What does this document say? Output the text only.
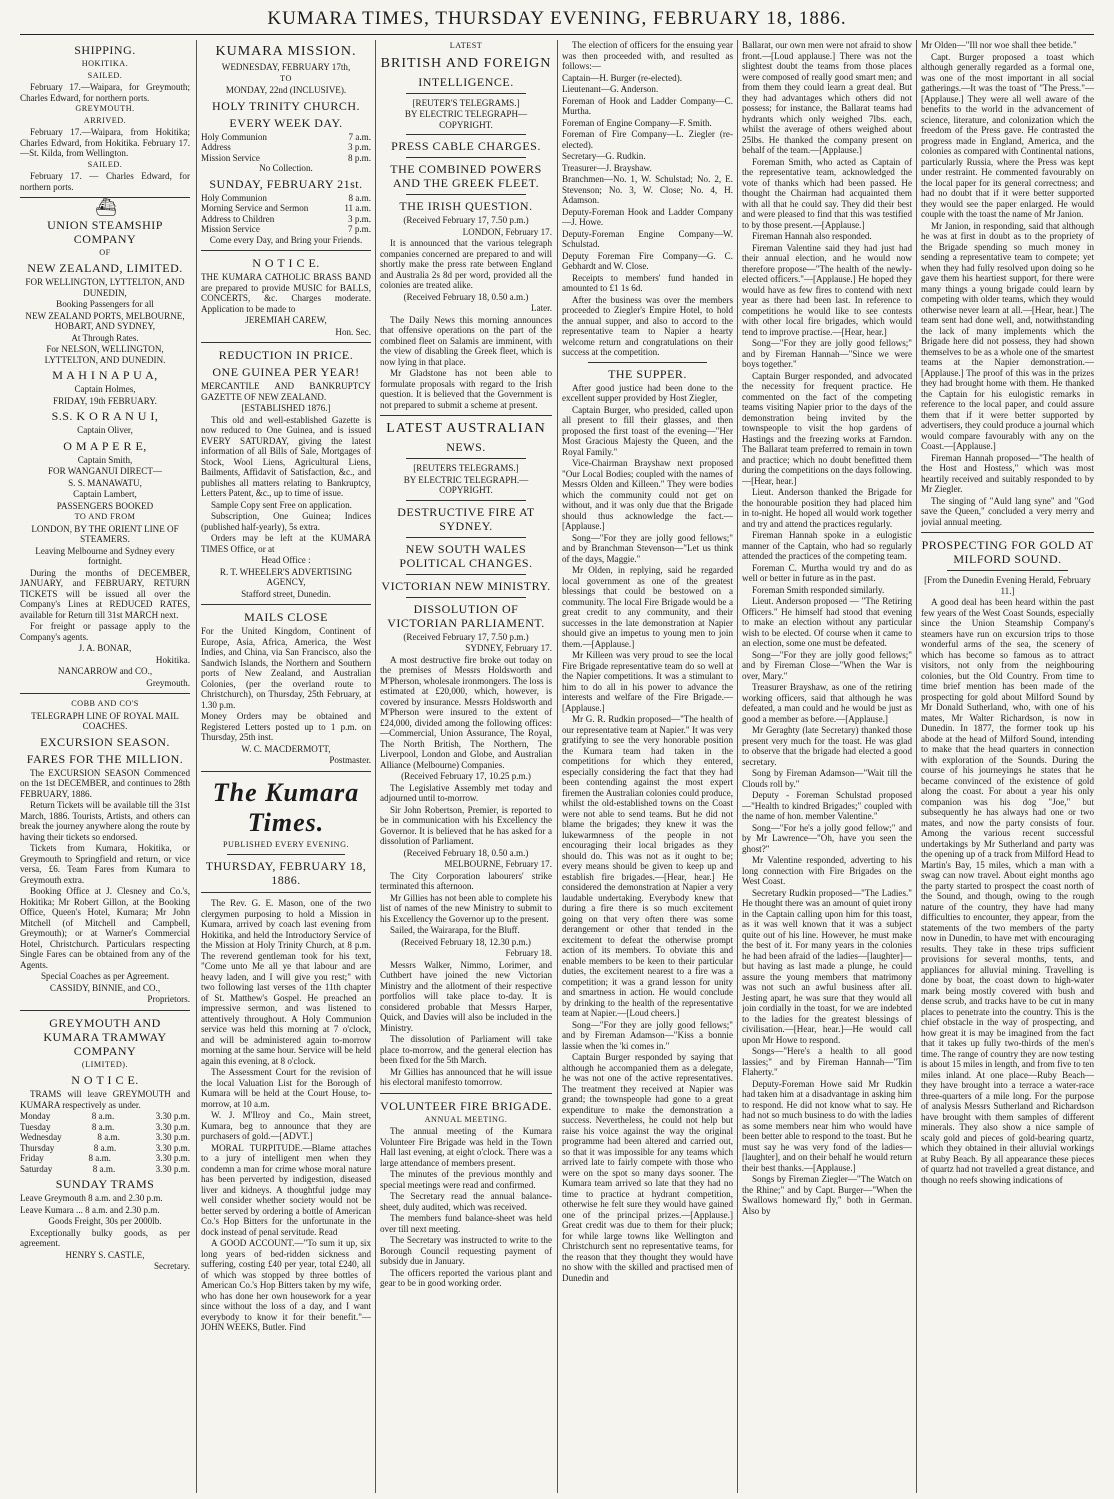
KUMARA TIMES, THURSDAY EVENING, FEBRUARY 18, 1886.
SHIPPING.
HOKITIKA.
SAILED.

February 17.—Waipara, for Greymouth; Charles Edward, for northern ports.

GREYMOUTH.
ARRIVED.

February 17.—Waipara, from Hokitika; Charles Edward, from Hokitika. February 17.—St. Kilda, from Wellington.

SAILED.

February 17. — Charles Edward, for northern ports.

⛴
UNION STEAMSHIP COMPANY
OF
NEW ZEALAND, LIMITED.

FOR WELLINGTON, LYTTELTON, AND DUNEDIN,

Booking Passengers for all

NEW ZEALAND PORTS, MELBOURNE, HOBART, AND SYDNEY,

At Through Rates.

For NELSON, WELLINGTON, LYTTELTON, AND DUNEDIN.

M A H I N A P U A,

Captain Holmes,

FRIDAY, 19th FEBRUARY.

S.S. K O R A N U I,

Captain Oliver,

O M A P E R E,

Captain Smith,

FOR WANGANUI DIRECT—

S. S. MANAWATU,

Captain Lambert,

PASSENGERS BOOKED

TO AND FROM

LONDON, BY THE ORIENT LINE OF STEAMERS.

Leaving Melbourne and Sydney every fortnight.

During the months of DECEMBER, JANUARY, and FEBRUARY, RETURN TICKETS will be issued all over the Company's Lines at REDUCED RATES, available for Return till 31st MARCH next.

For freight or passage apply to the Company's agents.

J. A. BONAR,

Hokitika.

NANCARROW and CO.,

Greymouth.

COBB AND CO'S

TELEGRAPH LINE OF ROYAL MAIL COACHES.

EXCURSION SEASON.
FARES FOR THE MILLION.

The EXCURSION SEASON Commenced on the 1st DECEMBER, and continues to 28th FEBRUARY, 1886.

Return Tickets will be available till the 31st March, 1886. Tourists, Artists, and others can break the journey anywhere along the route by having their tickets so endorsed.

Tickets from Kumara, Hokitika, or Greymouth to Springfield and return, or vice versa, £6. Team Fares from Kumara to Greymouth extra.

Booking Office at J. Clesney and Co.'s, Hokitika; Mr Robert Gillon, at the Booking Office, Queen's Hotel, Kumara; Mr John Mitchell (of Mitchell and Campbell, Greymouth); or at Warner's Commercial Hotel, Christchurch. Particulars respecting Single Fares can be obtained from any of the Agents.

Special Coaches as per Agreement.

CASSIDY, BINNIE, and CO.,

Proprietors.

GREYMOUTH AND KUMARA TRAMWAY COMPANY
(LIMITED).
N O T I C E.

TRAMS will leave GREYMOUTH and KUMARA respectively as under.

Monday	8 a.m.	3.30 p.m.
Tuesday	8 a.m.	3.30 p.m.
Wednesday	8 a.m.	3.30 p.m.
Thursday	8 a.m.	3.30 p.m.
Friday	8 a.m.	3.30 p.m.
Saturday	8 a.m.	3.30 p.m.
SUNDAY TRAMS

Leave Greymouth 8 a.m. and 2.30 p.m.

Leave Kumara ... 8 a.m. and 2.30 p.m.

Goods Freight, 30s per 2000lb.

Exceptionally bulky goods, as per agreement.

HENRY S. CASTLE,

Secretary.

KUMARA MISSION.

WEDNESDAY, FEBRUARY 17th,

TO

MONDAY, 22nd (INCLUSIVE).

HOLY TRINITY CHURCH.
EVERY WEEK DAY.
Holy Communion	7 a.m.
Address	3 p.m.
Mission Service	8 p.m.

No Collection.

SUNDAY, FEBRUARY 21st.
Holy Communion	8 a.m.
Morning Service and Sermon	11 a.m.
Address to Children	3 p.m.
Mission Service	7 p.m.

Come every Day, and Bring your Friends.

N O T I C E.

THE KUMARA CATHOLIC BRASS BAND are prepared to provide MUSIC for BALLS, CONCERTS, &c. Charges moderate. Application to be made to

JEREMIAH CAREW,

Hon. Sec.

REDUCTION IN PRICE.
ONE GUINEA PER YEAR!

MERCANTILE AND BANKRUPTCY GAZETTE OF NEW ZEALAND.

[ESTABLISHED 1876.]

This old and well-established Gazette is now reduced to One Guinea, and is issued EVERY SATURDAY, giving the latest information of all Bills of Sale, Mortgages of Stock, Wool Liens, Agricultural Liens, Bailments, Affidavit of Satisfaction, &c., and publishes all matters relating to Bankruptcy, Letters Patent, &c., up to time of issue.

Sample Copy sent Free on application.

Subscription, One Guinea; Indices (published half-yearly), 5s extra.

Orders may be left at the KUMARA TIMES Office, or at

Head Office :

R. T. WHEELER'S ADVERTISING AGENCY,

Stafford street, Dunedin.

MAILS CLOSE

For the United Kingdom, Continent of Europe, Asia, Africa, America, the West Indies, and China, via San Francisco, also the Sandwich Islands, the Northern and Southern ports of New Zealand, and Australian Colonies, (per the overland route to Christchurch), on Thursday, 25th February, at 1.30 p.m.

Money Orders may be obtained and Registered Letters posted up to 1 p.m. on Thursday, 25th inst.

W. C. MACDERMOTT,

Postmaster.

The Kumara Times.
PUBLISHED EVERY EVENING.
THURSDAY, FEBRUARY 18, 1886.

The Rev. G. E. Mason, one of the two clergymen purposing to hold a Mission in Kumara, arrived by coach last evening from Hokitika, and held the Introductory Service of the Mission at Holy Trinity Church, at 8 p.m. The reverend gentleman took for his text, "Come unto Me all ye that labour and are heavy laden, and I will give you rest;" with two following last verses of the 11th chapter of St. Matthew's Gospel. He preached an impressive sermon, and was listened to attentively throughout. A Holy Communion service was held this morning at 7 o'clock, and will be administered again to-morrow morning at the same hour. Service will be held again this evening, at 8 o'clock.

The Assessment Court for the revision of the local Valuation List for the Borough of Kumara will be held at the Court House, to-morrow, at 10 a.m.

W. J. M'Ilroy and Co., Main street, Kumara, beg to announce that they are purchasers of gold.—[ADVT.]

MORAL TURPITUDE.—Blame attaches to a jury of intelligent men when they condemn a man for crime whose moral nature has been perverted by indigestion, diseased liver and kidneys. A thoughtful judge may well consider whether society would not be better served by ordering a bottle of American Co.'s Hop Bitters for the unfortunate in the dock instead of penal servitude. Read

A GOOD ACCOUNT.—"To sum it up, six long years of bed-ridden sickness and suffering, costing £40 per year, total £240, all of which was stopped by three bottles of American Co.'s Hop Bitters taken by my wife, who has done her own housework for a year since without the loss of a day, and I want everybody to know it for their benefit."—JOHN WEEKS, Butler. Find

LATEST
BRITISH AND FOREIGN
INTELLIGENCE.

[REUTER'S TELEGRAMS.]

BY ELECTRIC TELEGRAPH—COPYRIGHT.

PRESS CABLE CHARGES.
THE COMBINED POWERS AND THE GREEK FLEET.
THE IRISH QUESTION.

(Received February 17, 7.50 p.m.)

LONDON, February 17.

It is announced that the various telegraph companies concerned are prepared to and will shortly make the press rate between England and Australia 2s 8d per word, provided all the colonies are treated alike.

(Received February 18, 0.50 a.m.)

Later.

The Daily News this morning announces that offensive operations on the part of the combined fleet on Salamis are imminent, with the view of disabling the Greek fleet, which is now lying in that place.

Mr Gladstone has not been able to formulate proposals with regard to the Irish question. It is believed that the Government is not prepared to submit a scheme at present.

LATEST AUSTRALIAN
NEWS.

[REUTERS TELEGRAMS.]

BY ELECTRIC TELEGRAPH.—COPYRIGHT.

DESTRUCTIVE FIRE AT SYDNEY.
NEW SOUTH WALES POLITICAL CHANGES.
VICTORIAN NEW MINISTRY.
DISSOLUTION OF VICTORIAN PARLIAMENT.

(Received February 17, 7.50 p.m.)

SYDNEY, February 17.

A most destructive fire broke out today on the premises of Messrs Holdsworth and M'Pherson, wholesale ironmongers. The loss is estimated at £20,000, which, however, is covered by insurance. Messrs Holdsworth and M'Pherson were insured to the extent of £24,000, divided among the following offices:—Commercial, Union Assurance, The Royal, The North British, The Northern, The Liverpool, London and Globe, and Australian Alliance (Melbourne) Companies.

(Received February 17, 10.25 p.m.)

The Legislative Assembly met today and adjourned until to-morrow.

Sir John Robertson, Premier, is reported to be in communication with his Excellency the Governor. It is believed that he has asked for a dissolution of Parliament.

(Received February 18, 0.50 a.m.)

MELBOURNE, February 17.

The City Corporation labourers' strike terminated this afternoon.

Mr Gillies has not been able to complete his list of names of the new Ministry to submit to his Excellency the Governor up to the present.

Sailed, the Wairarapa, for the Bluff.

(Received February 18, 12.30 p.m.)

February 18.

Messrs Walker, Nimmo, Lorimer, and Cuthbert have joined the new Victorian Ministry and the allotment of their respective portfolios will take place to-day. It is considered probable that Messrs Harper, Quick, and Davies will also be included in the Ministry.

The dissolution of Parliament will take place to-morrow, and the general election has been fixed for the 5th March.

Mr Gillies has announced that he will issue his electoral manifesto tomorrow.

VOLUNTEER FIRE BRIGADE.
ANNUAL MEETING.

The annual meeting of the Kumara Volunteer Fire Brigade was held in the Town Hall last evening, at eight o'clock. There was a large attendance of members present.

The minutes of the previous monthly and special meetings were read and confirmed.

The Secretary read the annual balance-sheet, duly audited, which was received.

The members fund balance-sheet was held over till next meeting.

The Secretary was instructed to write to the Borough Council requesting payment of subsidy due in January.

The officers reported the various plant and gear to be in good working order.

The election of officers for the ensuing year was then proceeded with, and resulted as follows:—

Captain—H. Burger (re-elected).

Lieutenant—G. Anderson.

Foreman of Hook and Ladder Company—C. Murtha.

Foreman of Engine Company—F. Smith.

Foreman of Fire Company—L. Ziegler (re-elected).

Secretary—G. Rudkin.

Treasurer—J. Brayshaw.

Branchmen—No. 1, W. Schulstad; No. 2, E. Stevenson; No. 3, W. Close; No. 4, H. Adamson.

Deputy-Foreman Hook and Ladder Company—J. Howe.

Deputy-Foreman Engine Company—W. Schulstad.

Deputy Foreman Fire Company—G. C. Gebhardt and W. Close.

Receipts to members' fund handed in amounted to £1 1s 6d.

After the business was over the members proceeded to Ziegler's Empire Hotel, to hold the annual supper, and also to accord to the representative team to Napier a hearty welcome return and congratulations on their success at the competition.

THE SUPPER.

After good justice had been done to the excellent supper provided by Host Ziegler,

Captain Burger, who presided, called upon all present to fill their glasses, and then proposed the first toast of the evening—"Her Most Gracious Majesty the Queen, and the Royal Family."

Vice-Chairman Brayshaw next proposed "Our Local Bodies; coupled with the names of Messrs Olden and Killeen." They were bodies which the community could not get on without, and it was only due that the Brigade should thus acknowledge the fact.—[Applause.]

Song—"For they are jolly good fellows;" and by Branchman Stevenson—"Let us think of the days, Maggie."

Mr Olden, in replying, said he regarded local government as one of the greatest blessings that could be bestowed on a community. The local Fire Brigade would be a great credit to any community, and their successes in the late demonstration at Napier should give an impetus to young men to join them.—[Applause.]

Mr Killeen was very proud to see the local Fire Brigade representative team do so well at the Napier competitions. It was a stimulant to him to do all in his power to advance the interests and welfare of the Fire Brigade.—[Applause.]

Mr G. R. Rudkin proposed—"The health of our representative team at Napier." It was very gratifying to see the very honorable position the Kumara team had taken in the competitions for which they entered, especially considering the fact that they had been contending against the most expert firemen the Australian colonies could produce, whilst the old-established towns on the Coast were not able to send teams. But he did not blame the brigades; they knew it was the lukewarmness of the people in not encouraging their local brigades as they should do. This was not as it ought to be; every means should be given to keep up and establish fire brigades.—[Hear, hear.] He considered the demonstration at Napier a very laudable undertaking. Everybody knew that during a fire there is so much excitement going on that very often there was some derangement or other that tended in the excitement to defeat the otherwise prompt action of its members. To obviate this and enable members to be keen to their particular duties, the excitement nearest to a fire was a competition; it was a grand lesson for unity and smartness in action. He would conclude by drinking to the health of the representative team at Napier.—[Loud cheers.]

Song—"For they are jolly good fellows;" and by Fireman Adamson—"Kiss a bonnie lassie when the 'ki comes in."

Captain Burger responded by saying that although he accompanied them as a delegate, he was not one of the active representatives. The treatment they received at Napier was grand; the townspeople had gone to a great expenditure to make the demonstration a success. Nevertheless, he could not help but raise his voice against the way the original programme had been altered and carried out, so that it was impossible for any teams which arrived late to fairly compete with those who were on the spot so many days sooner. The Kumara team arrived so late that they had no time to practice at hydrant competition, otherwise he felt sure they would have gained one of the principal prizes.—[Applause.] Great credit was due to them for their pluck; for while large towns like Wellington and Christchurch sent no representative teams, for the reason that they thought they would have no show with the skilled and practised men of Dunedin and

Ballarat, our own men were not afraid to show front.—[Loud applause.] There was not the slightest doubt the teams from those places were composed of really good smart men; and from them they could learn a great deal. But they had advantages which others did not possess; for instance, the Ballarat teams had hydrants which only weighed 7lbs. each, whilst the average of others weighed about 25lbs. He thanked the company present on behalf of the team.—[Applause.]

Foreman Smith, who acted as Captain of the representative team, acknowledged the vote of thanks which had been passed. He thought the Chairman had acquainted them with all that he could say. They did their best and were pleased to find that this was testified to by those present.—[Applause.]

Fireman Hannah also responded.

Fireman Valentine said they had just had their annual election, and he would now therefore propose—"The health of the newly-elected officers."—[Applause.] He hoped they would have as few fires to contend with next year as there had been last. In reference to competitions he would like to see contests with other local fire brigades, which would tend to improve practise.—[Hear, hear.]

Song—"For they are jolly good fellows;" and by Fireman Hannah—"Since we were boys together."

Captain Burger responded, and advocated the necessity for frequent practice. He commented on the fact of the competing teams visiting Napier prior to the days of the demonstration being invited by the townspeople to visit the hop gardens of Hastings and the freezing works at Farndon. The Ballarat team preferred to remain in town and practice; which no doubt benefitted them during the competitions on the days following.—[Hear, hear.]

Lieut. Anderson thanked the Brigade for the honourable position they had placed him in to-night. He hoped all would work together and try and attend the practices regularly.

Fireman Hannah spoke in a eulogistic manner of the Captain, who had so regularly attended the practices of the competing team.

Foreman C. Murtha would try and do as well or better in future as in the past.

Foreman Smith responded similarly.

Lieut. Anderson proposed — "The Retiring Officers." He himself had stood that evening to make an election without any particular wish to be elected. Of course when it came to an election, some one must be defeated.

Song—"For they are jolly good fellows;" and by Fireman Close—"When the War is over, Mary."

Treasurer Brayshaw, as one of the retiring working officers, said that although he was defeated, a man could and he would be just as good a member as before.—[Applause.]

Mr Geraghty (late Secretary) thanked those present very much for the toast. He was glad to observe that the brigade had elected a good secretary.

Song by Fireman Adamson—"Wait till the Clouds roll by."

Deputy - Foreman Schulstad proposed—"Health to kindred Brigades;" coupled with the name of hon. member Valentine."

Song—"For he's a jolly good fellow;" and by Mr Lawrence—"Oh, have you seen the ghost?"

Mr Valentine responded, adverting to his long connection with Fire Brigades on the West Coast.

Secretary Rudkin proposed—"The Ladies." He thought there was an amount of quiet irony in the Captain calling upon him for this toast, as it was well known that it was a subject quite out of his line. However, he must make the best of it. For many years in the colonies he had been afraid of the ladies—[laughter]—but having as last made a plunge, he could assure the young members that matrimony was not such an awful business after all. Jesting apart, he was sure that they would all join cordially in the toast, for we are indebted to the ladies for the greatest blessings of civilisation.—[Hear, hear.]—He would call upon Mr Howe to respond.

Songs—"Here's a health to all good lassies;" and by Fireman Hannah—"Tim Flaherty."

Deputy-Foreman Howe said Mr Rudkin had taken him at a disadvantage in asking him to respond. He did not know what to say. He had not so much business to do with the ladies as some members near him who would have been better able to respond to the toast. But he must say he was very fond of the ladies—[laughter], and on their behalf he would return their best thanks.—[Applause.]

Songs by Fireman Ziegler—"The Watch on the Rhine;" and by Capt. Burger—"When the Swallows homeward fly," both in German. Also by

Mr Olden—"Ill nor woe shall thee betide."

Capt. Burger proposed a toast which although generally regarded as a formal one, was one of the most important in all social gatherings.—It was the toast of "The Press."—[Applause.] They were all well aware of the benefits to the world in the advancement of science, literature, and colonization which the freedom of the Press gave. He contrasted the progress made in England, America, and the colonies as compared with Continental nations, particularly Russia, where the Press was kept under restraint. He commented favourably on the local paper for its general correctness; and had no doubt that if it were better supported they would see the paper enlarged. He would couple with the toast the name of Mr Janion.

Mr Janion, in responding, said that although he was at first in doubt as to the propriety of the Brigade spending so much money in sending a representative team to compete; yet when they had fully resolved upon doing so he gave them his heartiest support, for there were many things a young brigade could learn by competing with older teams, which they would otherwise never learn at all.—[Hear, hear.] The team sent had done well, and, notwithstanding the lack of many implements which the Brigade here did not possess, they had shown themselves to be as a whole one of the smartest teams at the Napier demonstration.—[Applause.] The proof of this was in the prizes they had brought home with them. He thanked the Captain for his eulogistic remarks in reference to the local paper, and could assure them that if it were better supported by advertisers, they could produce a journal which would compare favourably with any on the Coast.—[Applause.]

Fireman Hannah proposed—"The health of the Host and Hostess," which was most heartily received and suitably responded to by Mr Ziegler.

The singing of "Auld lang syne" and "God save the Queen," concluded a very merry and jovial annual meeting.

PROSPECTING FOR GOLD AT MILFORD SOUND.

[From the Dunedin Evening Herald, February 11.]

A good deal has been heard within the past few years of the West Coast Sounds, especially since the Union Steamship Company's steamers have run on excursion trips to those wonderful arms of the sea, the scenery of which has become so famous as to attract visitors, not only from the neighbouring colonies, but the Old Country. From time to time brief mention has been made of the prospecting for gold about Milford Sound by Mr Donald Sutherland, who, with one of his mates, Mr Walter Richardson, is now in Dunedin. In 1877, the former took up his abode at the head of Milford Sound, intending to make that the head quarters in connection with exploration of the Sounds. During the course of his journeyings he states that he became convinced of the existence of gold along the coast. For about a year his only companion was his dog "Joe," but subsequently he has always had one or two mates, and now the party consists of four. Among the various recent successful undertakings by Mr Sutherland and party was the opening up of a track from Milford Head to Martin's Bay, 15 miles, which a man with a swag can now travel. About eight months ago the party started to prospect the coast north of the Sound, and though, owing to the rough nature of the country, they have had many difficulties to encounter, they appear, from the statements of the two members of the party now in Dunedin, to have met with encouraging results. They take in these trips sufficient provisions for several months, tents, and appliances for alluvial mining. Travelling is done by boat, the coast down to high-water mark being mostly covered with bush and dense scrub, and tracks have to be cut in many places to penetrate into the country. This is the chief obstacle in the way of prospecting, and how great it is may be imagined from the fact that it takes up fully two-thirds of the men's time. The range of country they are now testing is about 15 miles in length, and from five to ten miles inland. At one place—Ruby Beach—they have brought into a terrace a water-race three-quarters of a mile long. For the purpose of analysis Messrs Sutherland and Richardson have brought with them samples of different minerals. They also show a nice sample of scaly gold and pieces of gold-bearing quartz, which they obtained in their alluvial workings at Ruby Beach. By all appearance these pieces of quartz had not travelled a great distance, and though no reefs showing indications of
